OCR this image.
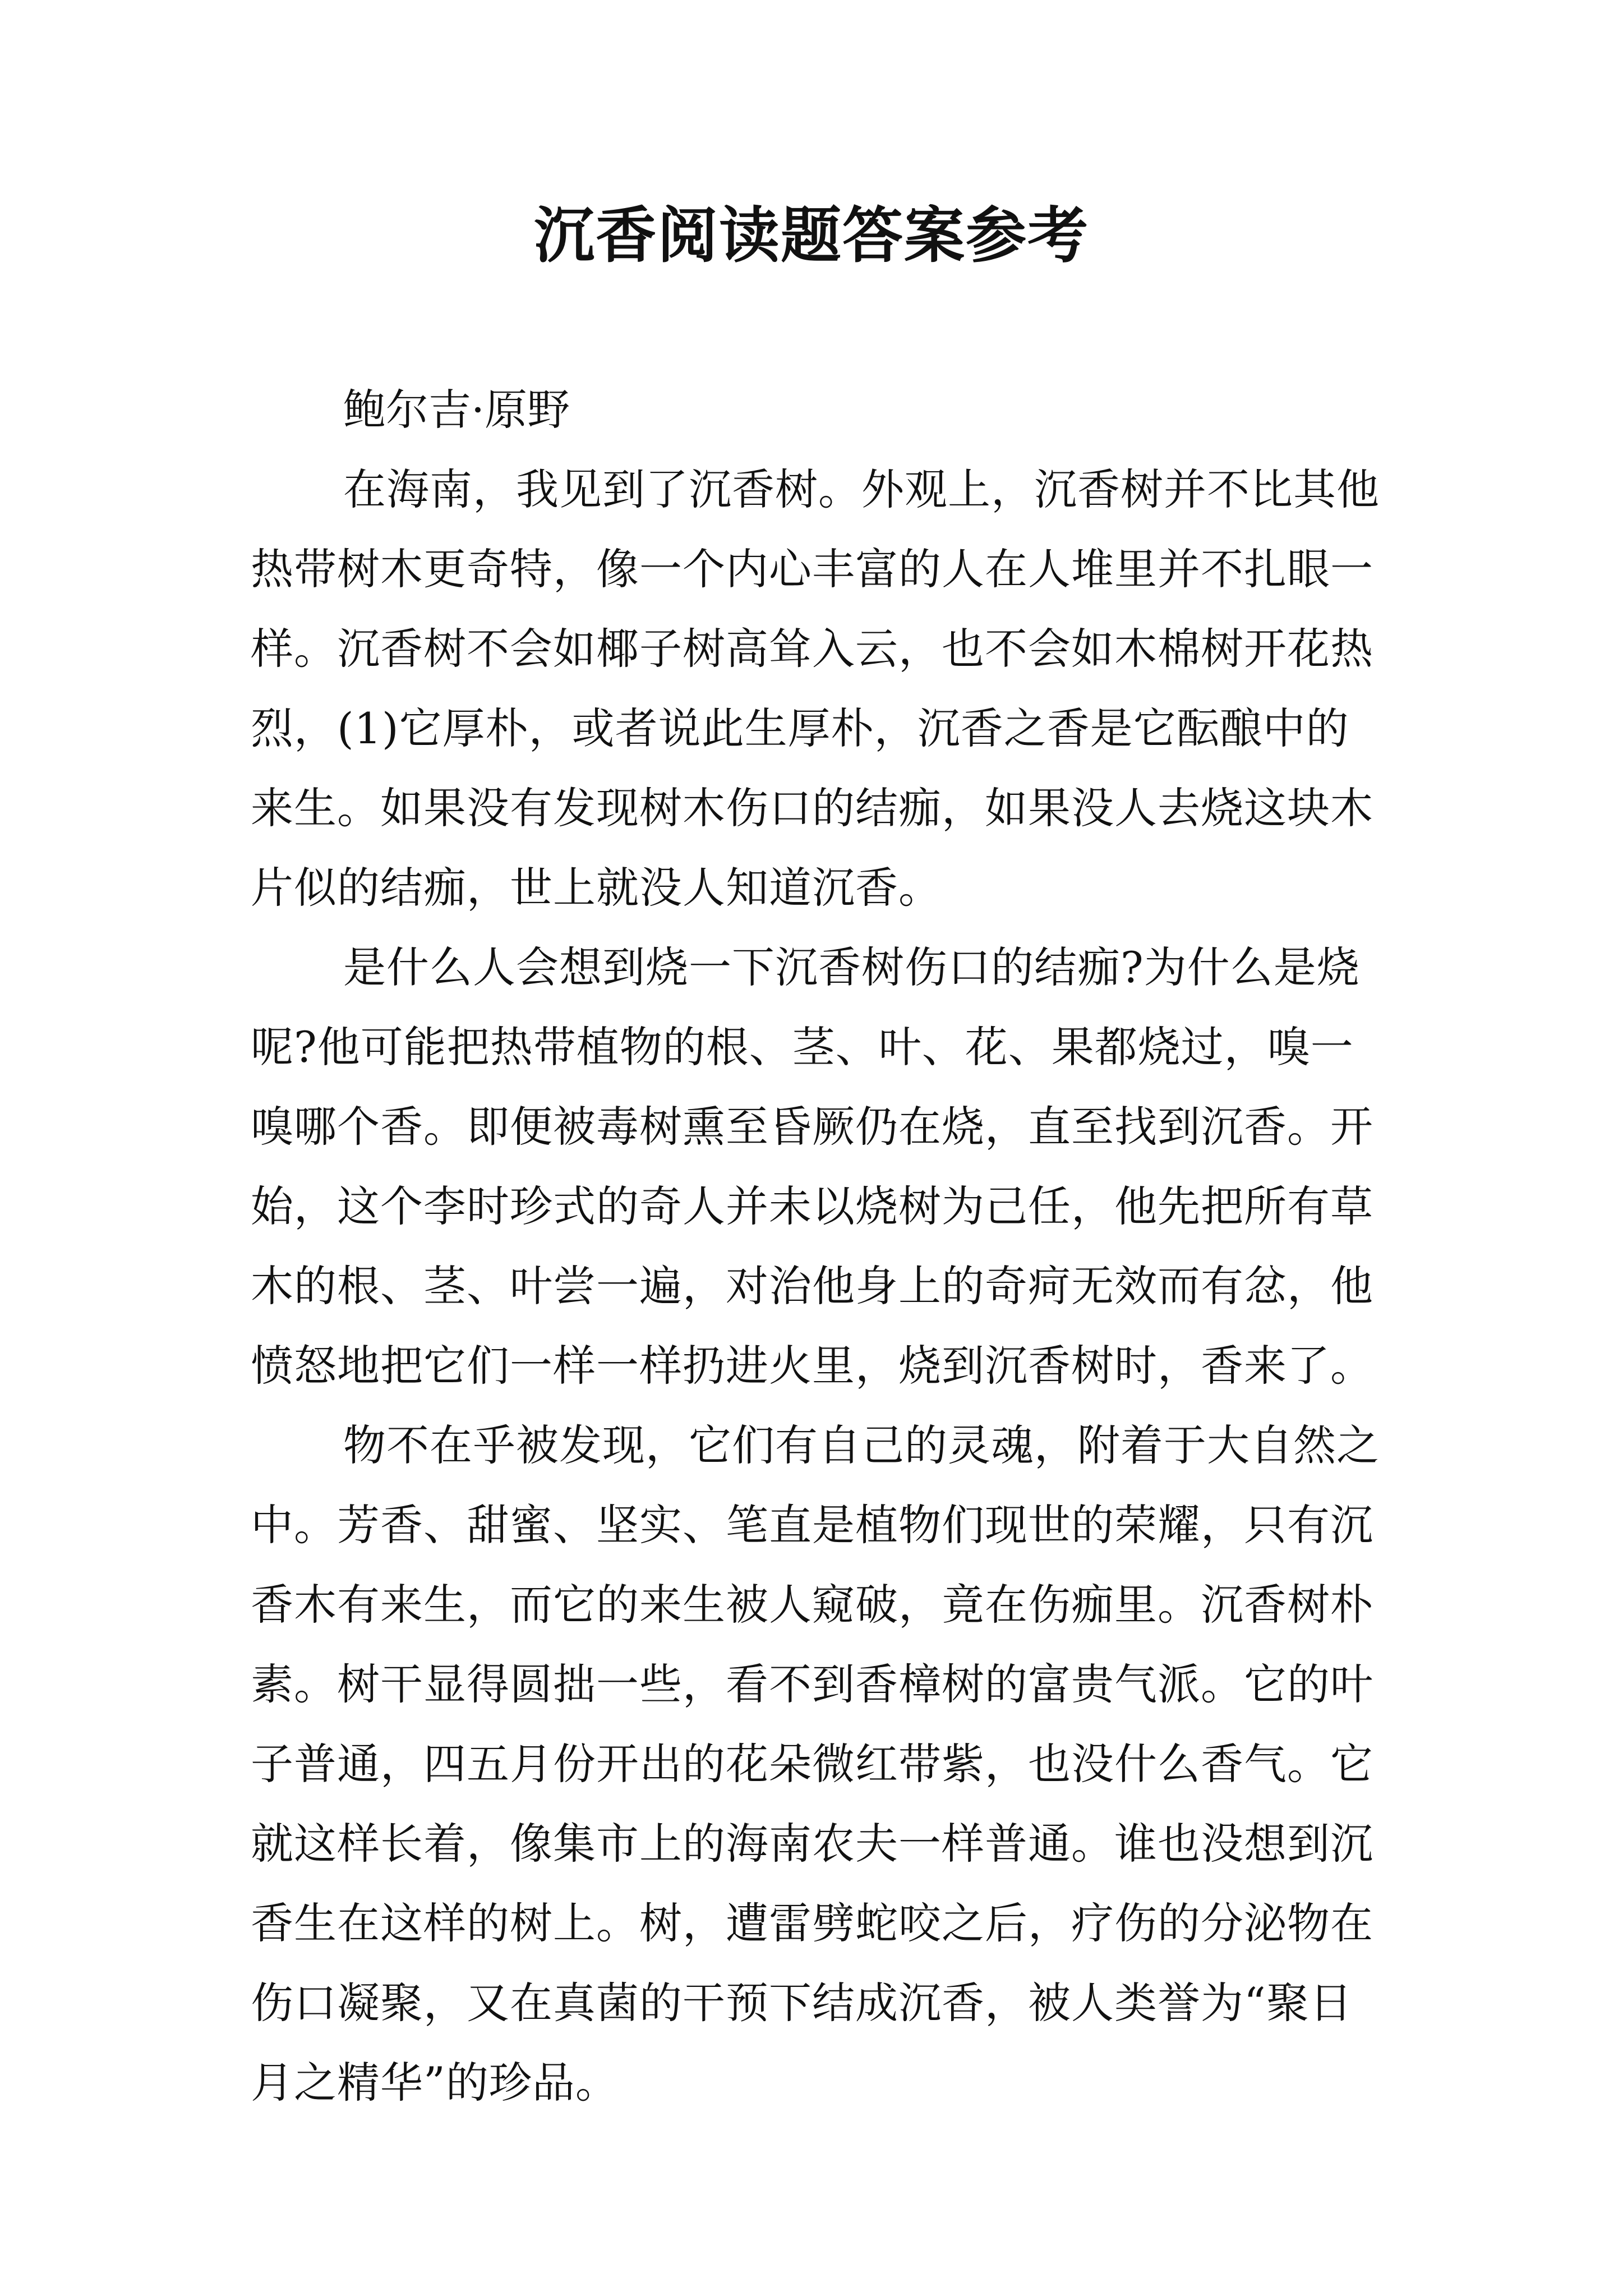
沉香阅读题答案参考

鲍尔吉·原野

在海南，我见到了沉香树。外观上，沉香树并不比其他
热带树木更奇特，像一个内心丰富的人在人堆里并不扎眼一
样。沉香树不会如椰子树高耸入云，也不会如木棉树开花热
烈，(1)它厚朴，或者说此生厚朴，沉香之香是它酝酿中的
来生。如果没有发现树木伤口的结痂，如果没人去烧这块木
片似的结痂，世上就没人知道沉香。

是什么人会想到烧一下沉香树伤口的结痂?为什么是烧
呢?他可能把热带植物的根、茎、叶、花、果都烧过，嗅一
嗅哪个香。即便被毒树熏至昏厥仍在烧，直至找到沉香。开
始，这个李时珍式的奇人并未以烧树为己任，他先把所有草
木的根、茎、叶尝一遍，对治他身上的奇疴无效而有忿，他
愤怒地把它们一样一样扔进火里，烧到沉香树时，香来了。

物不在乎被发现，它们有自己的灵魂，附着于大自然之
中。芳香、甜蜜、坚实、笔直是植物们现世的荣耀，只有沉
香木有来生，而它的来生被人窥破，竟在伤痂里。沉香树朴
素。树干显得圆拙一些，看不到香樟树的富贵气派。它的叶
子普通，四五月份开出的花朵微红带紫，也没什么香气。它
就这样长着，像集市上的海南农夫一样普通。谁也没想到沉
香生在这样的树上。树，遭雷劈蛇咬之后，疗伤的分泌物在
伤口凝聚，又在真菌的干预下结成沉香，被人类誉为“聚日
月之精华”的珍品。
